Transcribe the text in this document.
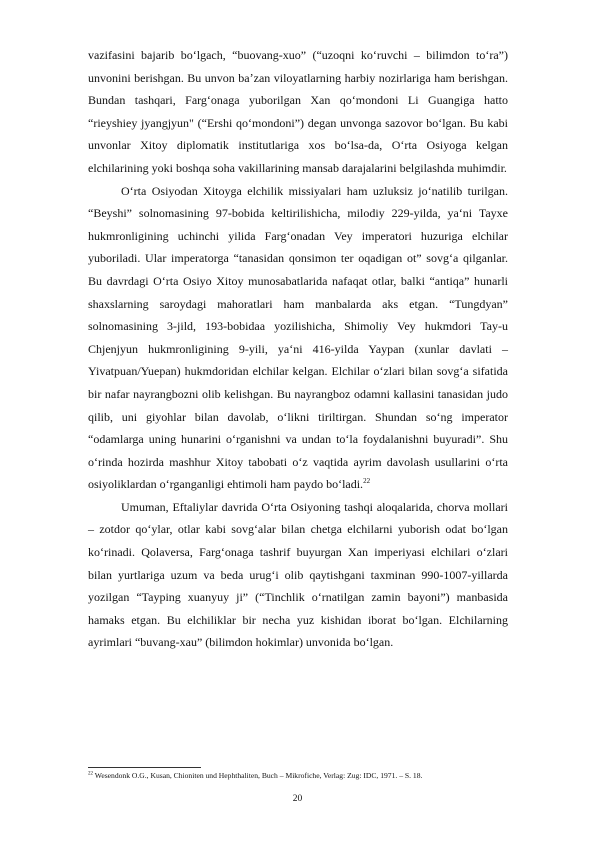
vazifasini bajarib boʻlgach, “buovang-xuo” (“uzoqni koʻruvchi – bilimdon toʻra”) unvonini berishgan. Bu unvon baʼzan viloyatlarning harbiy nozirlariga ham berishgan. Bundan tashqari, Fargʻonaga yuborilgan Xan qoʻmondoni Li Guangiga hatto “rieyshiey jyangjyun" (“Ershi qoʻmondoni”) degan unvonga sazovor boʻlgan. Bu kabi unvonlar Xitoy diplomatik institutlariga xos boʻlsa-da, Oʻrta Osiyoga kelgan elchilarining yoki boshqa soha vakillarining mansab darajalarini belgilashda muhimdir.

Oʻrta Osiyodan Xitoyga elchilik missiyalari ham uzluksiz joʻnatilib turilgan. “Beyshi” solnomasining 97-bobida keltirilishicha, milodiy 229-yilda, ya‘ni Tayxe hukmronligining uchinchi yilida Fargʻonadan Vey imperatori huzuriga elchilar yuboriladi. Ular imperatorga “tanasidan qonsimon ter oqadigan ot” sovgʻa qilganlar. Bu davrdagi Oʻrta Osiyo Xitoy munosabatlarida nafaqat otlar, balki “antiqa” hunarli shaxslarning saroydagi mahoratlari ham manbalarda aks etgan. “Tungdyan” solnomasining 3-jild, 193-bobidaa yozilishicha, Shimoliy Vey hukmdori Tay-u Chjenjyun hukmronligining 9-yili, ya‘ni 416-yilda Yaypan (xunlar davlati – Yivatpuan/Yuepan) hukmdoridan elchilar kelgan. Elchilar oʻzlari bilan sovgʻa sifatida bir nafar nayrangbozni olib kelishgan. Bu nayrangboz odamni kallasini tanasidan judo qilib, uni giyohlar bilan davolab, oʻlikni tiriltirgan. Shundan soʻng imperator “odamlarga uning hunarini oʻrganishni va undan toʻla foydalanishni buyuradi”. Shu oʻrinda hozirda mashhur Xitoy tabobati oʻz vaqtida ayrim davolash usullarini oʻrta osiyoliklardan oʻrganganligi ehtimoli ham paydo boʻladi.$^{22}$

Umuman, Eftaliylar davrida Oʻrta Osiyoning tashqi aloqalarida, chorva mollari – zotdor qoʻylar, otlar kabi sovgʻalar bilan chetga elchilarni yuborish odat boʻlgan koʻrinadi. Qolaversa, Fargʻonaga tashrif buyurgan Xan imperiyasi elchilari oʻzlari bilan yurtlariga uzum va beda urugʻi olib qaytishgani taxminan 990-1007-yillarda yozilgan “Tayping xuanyuy ji” (“Tinchlik oʻrnatilgan zamin bayoni”) manbasida hamaks etgan. Bu elchiliklar bir necha yuz kishidan iborat boʻlgan. Elchilarning ayrimlari “buvang-xau” (bilimdon hokimlar) unvonida boʻlgan.

$^{22}$ Wesendonk O.G., Kusan, Chioniten und Hephthaliten, Buch – Mikrofiche, Verlag: Zug: IDC, 1971. – S. 18.
20
